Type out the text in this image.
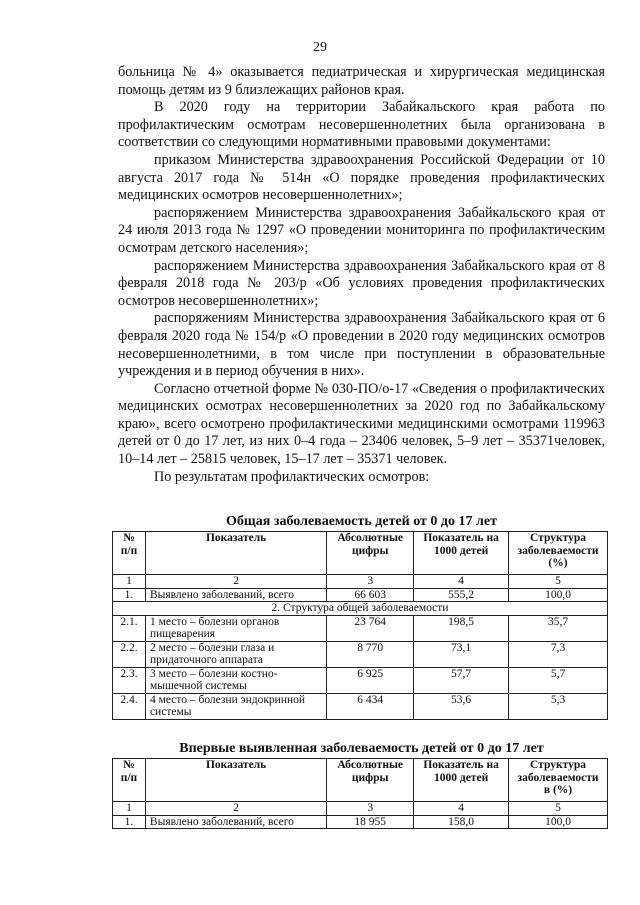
29

больница № 4» оказывается педиатрическая и хирургическая медицинская помощь детям из 9 близлежащих районов края.

В 2020 году на территории Забайкальского края работа по профилактическим осмотрам несовершеннолетних была организована в соответствии со следующими нормативными правовыми документами:

приказом Министерства здравоохранения Российской Федерации от 10 августа 2017 года № 514н «О порядке проведения профилактических медицинских осмотров несовершеннолетних»;

распоряжением Министерства здравоохранения Забайкальского края от 24 июля 2013 года № 1297 «О проведении мониторинга по профилактическим осмотрам детского населения»;

распоряжением Министерства здравоохранения Забайкальского края от 8 февраля 2018 года № 203/р «Об условиях проведения профилактических осмотров несовершеннолетних»;

распоряжениям Министерства здравоохранения Забайкальского края от 6 февраля 2020 года № 154/р «О проведении в 2020 году медицинских осмотров несовершеннолетними, в том числе при поступлении в образовательные учреждения и в период обучения в них».

Согласно отчетной форме № 030-ПО/о-17 «Сведения о профилактических медицинских осмотрах несовершеннолетних за 2020 год по Забайкальскому краю», всего осмотрено профилактическими медицинскими осмотрами 119963 детей от 0 до 17 лет, из них 0–4 года – 23406 человек, 5–9 лет – 35371человек, 10–14 лет – 25815 человек, 15–17 лет – 35371 человек.

По результатам профилактических осмотров:

Общая заболеваемость детей от 0 до 17 лет
№ п/п	Показатель	Абсолютные цифры	Показатель на 1000 детей	Структура заболеваемости (%)
1	2	3	4	5
1.	Выявлено заболеваний, всего	66 603	555,2	100,0
2. Структура общей заболеваемости				
2.1.	1 место – болезни органов пищеварения	23 764	198,5	35,7
2.2.	2 место – болезни глаза и придаточного аппарата	8 770	73,1	7,3
2.3.	3 место – болезни костно-мышечной системы	6 925	57,7	5,7
2.4.	4 место – болезни эндокринной системы	6 434	53,6	5,3
Впервые выявленная заболеваемость детей от 0 до 17 лет
№ п/п	Показатель	Абсолютные цифры	Показатель на 1000 детей	Структура заболеваемости в (%)
1	2	3	4	5
1.	Выявлено заболеваний, всего	18 955	158,0	100,0
